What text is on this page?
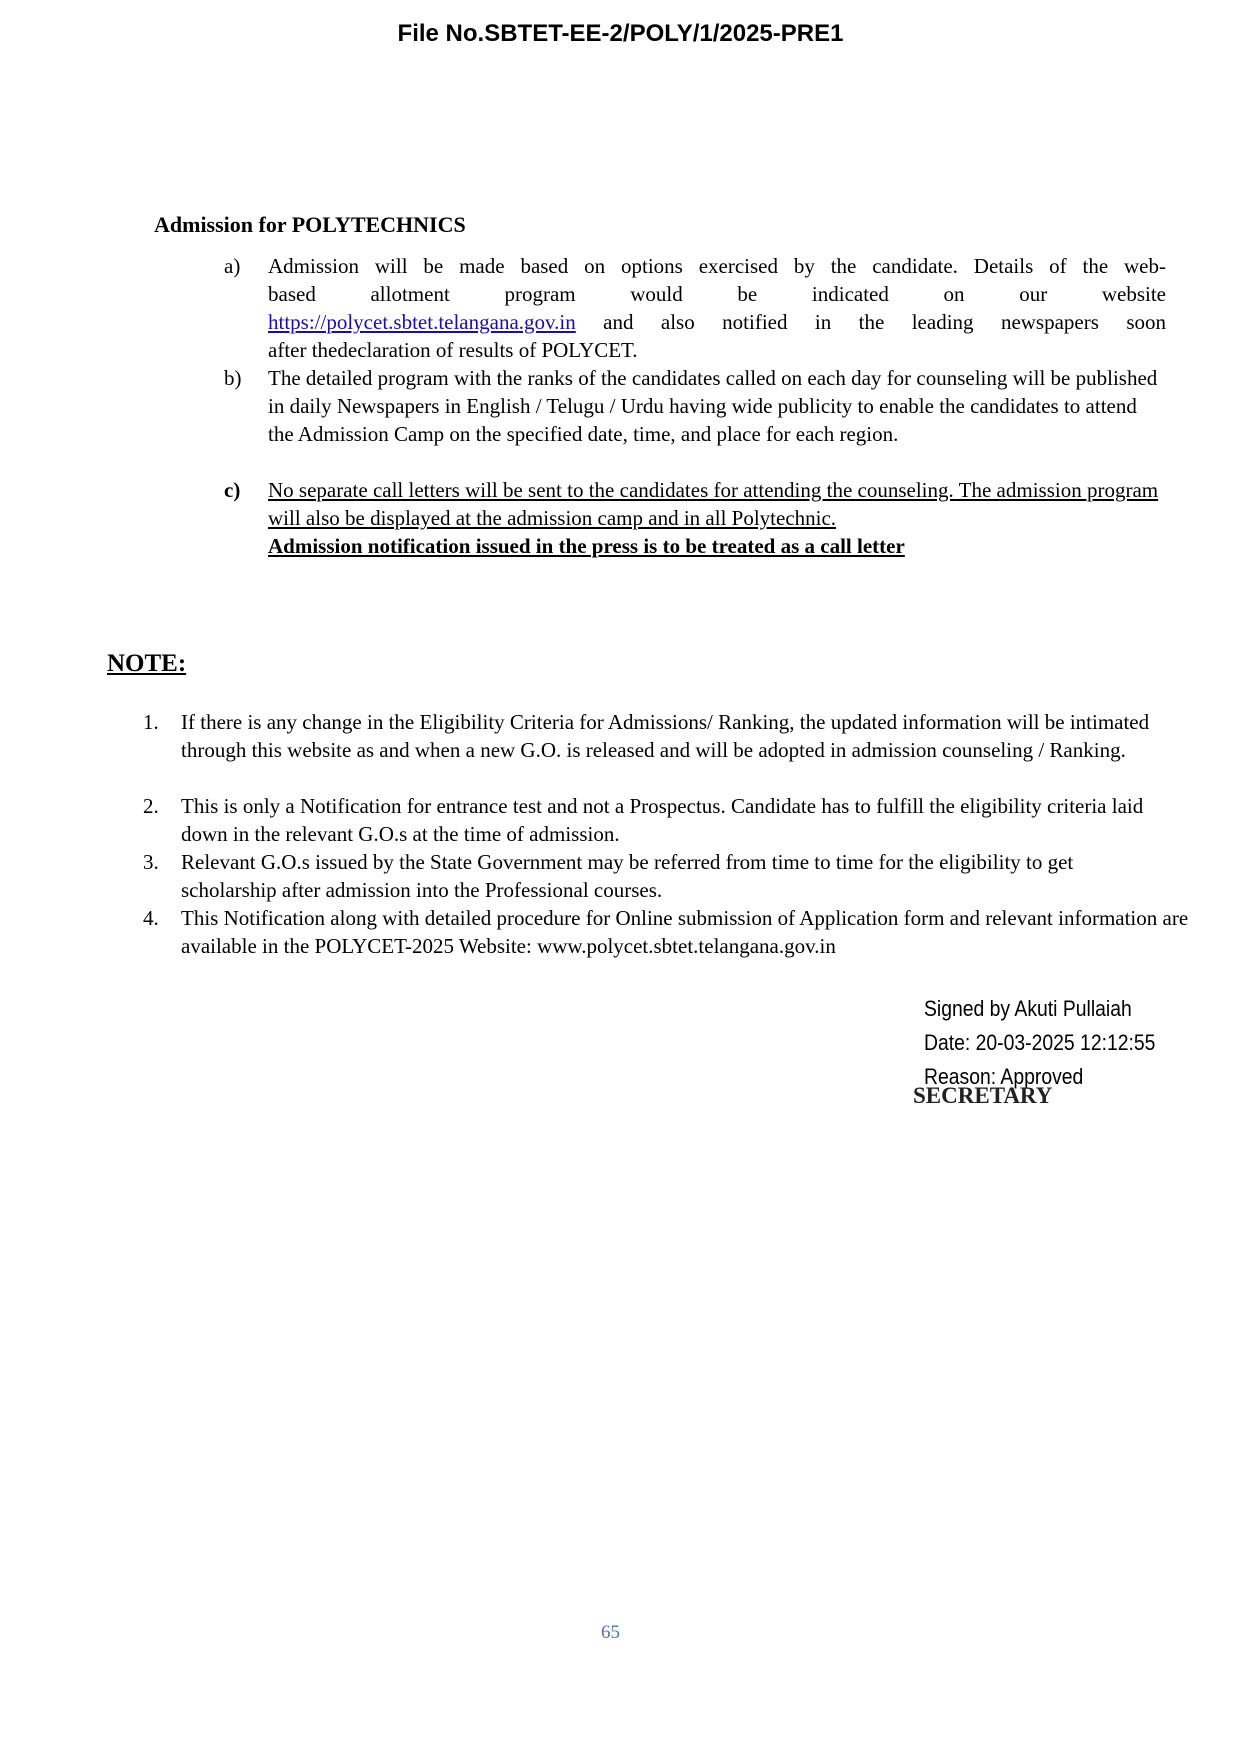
File No.SBTET-EE-2/POLY/1/2025-PRE1
Admission for POLYTECHNICS
a) Admission will be made based on options exercised by the candidate. Details of the web-
based allotment program would be indicated on our website
https://polycet.sbtet.telangana.gov.in and also notified in the leading newspapers soon
after thedeclaration of results of POLYCET.
b) The detailed program with the ranks of the candidates called on each day for counseling will be published in daily Newspapers in English / Telugu / Urdu having wide publicity to enable the candidates to attend the Admission Camp on the specified date, time, and place for each region.
c) No separate call letters will be sent to the candidates for attending the counseling. The admission program will also be displayed at the admission camp and in all Polytechnic.
Admission notification issued in the press is to be treated as a call letter
NOTE:
1. If there is any change in the Eligibility Criteria for Admissions/ Ranking, the updated information will be intimated through this website as and when a new G.O. is released and will be adopted in admission counseling / Ranking.
2. This is only a Notification for entrance test and not a Prospectus. Candidate has to fulfill the eligibility criteria laid down in the relevant G.O.s at the time of admission.
3. Relevant G.O.s issued by the State Government may be referred from time to time for the eligibility to get scholarship after admission into the Professional courses.
4. This Notification along with detailed procedure for Online submission of Application form and relevant information are available in the POLYCET-2025 Website: www.polycet.sbtet.telangana.gov.in
Signed by Akuti Pullaiah
Date: 20-03-2025 12:12:55
Reason: Approved
SECRETARY
65
